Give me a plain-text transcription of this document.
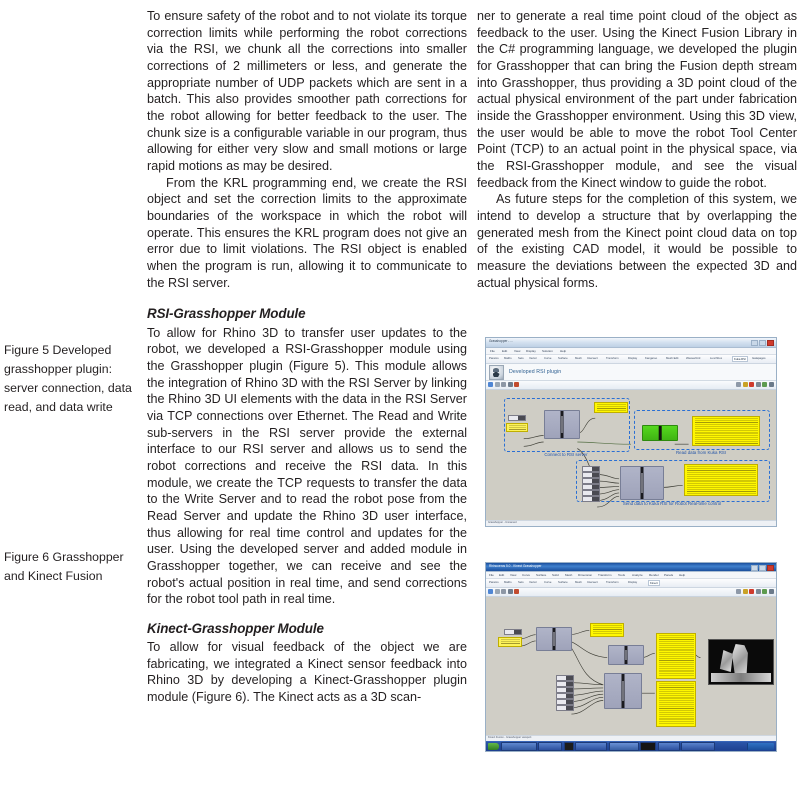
Figure 5 Developed grasshopper plugin: server connection, data read, and data write
Figure 6 Grasshopper and Kinect Fusion

To ensure safety of the robot and to not violate its torque correction limits while performing the robot corrections via the RSI, we chunk all the corrections into smaller corrections of 2 millimeters or less, and generate the appropriate number of UDP packets which are sent in a batch. This also provides smoother path corrections for the robot allowing for better feedback to the user. The chunk size is a configurable variable in our program, thus allowing for either very slow and small motions or large rapid motions as may be desired.

From the KRL programming end, we create the RSI object and set the correction limits to the approximate boundaries of the workspace in which the robot will operate. This ensures the KRL program does not give an error due to limit violations. The RSI object is enabled when the program is run, allowing it to communicate to the RSI server.

RSI-Grasshopper Module

To allow for Rhino 3D to transfer user updates to the robot, we developed a RSI-Grasshopper module using the Grasshopper plugin (Figure 5). This module allows the integration of Rhino 3D with the RSI Server by linking the Rhino 3D UI elements with the data in the RSI Server via TCP connections over Ethernet. The Read and Write sub-servers in the RSI server provide the external interface to our RSI server and allows us to send the robot corrections and receive the RSI data. In this module, we create the TCP requests to transfer the data to the Write Server and to read the robot pose from the Read Server and update the Rhino 3D user interface, thus allowing for real time control and updates for the user. Using the developed server and added module in Grasshopper together, we can receive and see the robot's actual position in real time, and send corrections for the robot tool path in real time.

Kinect-Grasshopper Module

To allow for visual feedback of the object we are fabricating, we integrated a Kinect sensor feedback into Rhino 3D by developing a Kinect-Grasshopper plugin module (Figure 6). The Kinect acts as a 3D scan-

ner to generate a real time point cloud of the object as feedback to the user. Using the Kinect Fusion Library in the C# programming language, we developed the plugin for Grasshopper that can bring the Fusion depth stream into Grasshopper, thus providing a 3D point cloud of the actual physical environment of the part under fabrication inside the Grasshopper environment. Using this 3D view, the user would be able to move the robot Tool Center Point (TCP) to an actual point in the physical space, via the RSI-Grasshopper module, and see the visual feedback from the Kinect window to guide the robot.

As future steps for the completion of this system, we intend to develop a structure that by overlapping the generated mesh from the Kinect point cloud data on top of the existing CAD model, it would be possible to measure the deviations between the expected 3D and actual physical forms.

Grasshopper - ...
File Edit View Display Solution Help
Params Maths Sets Vector	Curve Surface	Mesh Intersect	Transform	Display	Kangaroo	Mesh Edit	Weaverbird	Lunchbox	Kuka RSI	Galapagos
Developed RSI plugin
Connect to RSI server	Read data from Kuka RSI
Send data to Kuka RSI for Robot Real-time control
Grasshopper - Unnamed
Rhinoceros 5.0 - Kinect Grasshopper
File Edit View Curve Surface Solid Mesh Dimension Transform Tools Analyze Render Panels Help
Params Maths Sets Vector	Curve Surface	Mesh Intersect	Transform	Display	Kinect
Kinect Fusion - Grasshopper viewport
